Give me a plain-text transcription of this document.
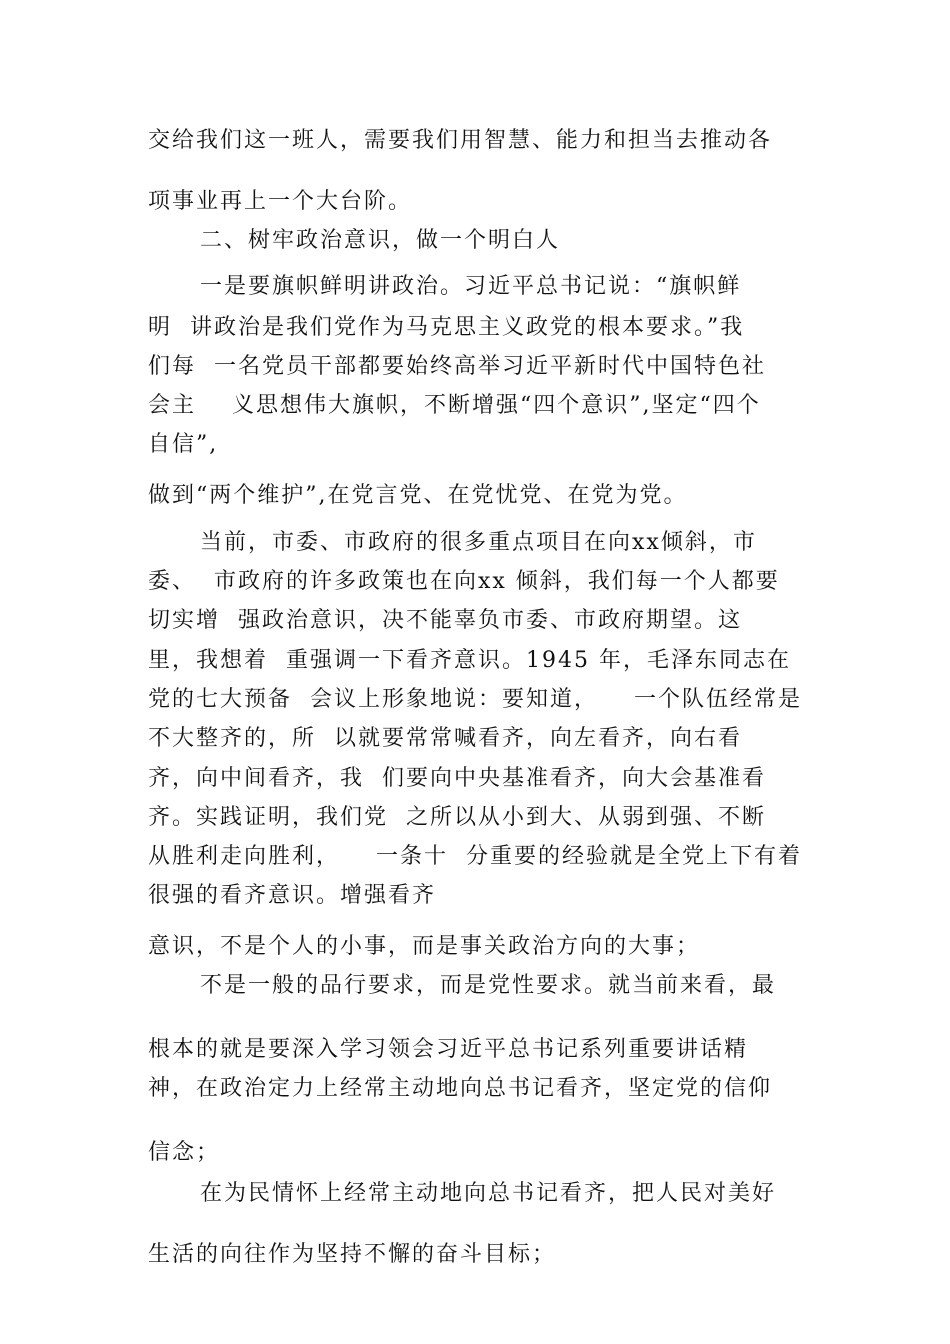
交给我们这一班人，需要我们用智慧、能力和担当去推动各
项事业再上一个大台阶。
二、树牢政治意识，做一个明白人
一是要旗帜鲜明讲政治。习近平总书记说：“旗帜鲜
明  讲政治是我们党作为马克思主义政党的根本要求。”我
们每  一名党员干部都要始终高举习近平新时代中国特色社
会主    义思想伟大旗帜，不断增强“四个意识”,坚定“四个
自信”,
做到“两个维护”,在党言党、在党忧党、在党为党。
当前，市委、市政府的很多重点项目在向xx倾斜，市
委、  市政府的许多政策也在向xx 倾斜，我们每一个人都要
切实增  强政治意识，决不能辜负市委、市政府期望。这
里，我想着  重强调一下看齐意识。1945 年，毛泽东同志在
党的七大预备  会议上形象地说：要知道，    一个队伍经常是
不大整齐的，所  以就要常常喊看齐，向左看齐，向右看
齐，向中间看齐，我  们要向中央基准看齐，向大会基准看
齐。实践证明，我们党  之所以从小到大、从弱到强、不断
从胜利走向胜利，    一条十  分重要的经验就是全党上下有着
很强的看齐意识。增强看齐
意识，不是个人的小事，而是事关政治方向的大事；
不是一般的品行要求，而是党性要求。就当前来看，最
根本的就是要深入学习领会习近平总书记系列重要讲话精
神，在政治定力上经常主动地向总书记看齐，坚定党的信仰
信念；
在为民情怀上经常主动地向总书记看齐，把人民对美好
生活的向往作为坚持不懈的奋斗目标；
